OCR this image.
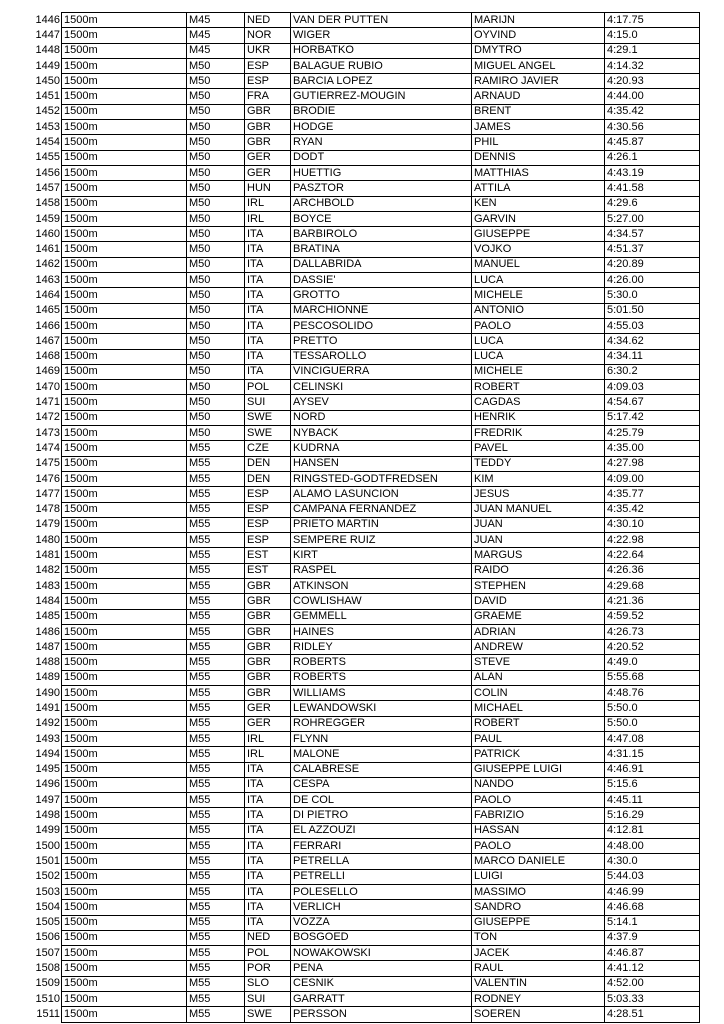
1446	1500m	M45	NED	VAN DER PUTTEN	MARIJN	4:17.75
1447	1500m	M45	NOR	WIGER	OYVIND	4:15.0
1448	1500m	M45	UKR	HORBATKO	DMYTRO	4:29.1
1449	1500m	M50	ESP	BALAGUE RUBIO	MIGUEL ANGEL	4:14.32
1450	1500m	M50	ESP	BARCIA LOPEZ	RAMIRO JAVIER	4:20.93
1451	1500m	M50	FRA	GUTIERREZ-MOUGIN	ARNAUD	4:44.00
1452	1500m	M50	GBR	BRODIE	BRENT	4:35.42
1453	1500m	M50	GBR	HODGE	JAMES	4:30.56
1454	1500m	M50	GBR	RYAN	PHIL	4:45.87
1455	1500m	M50	GER	DODT	DENNIS	4:26.1
1456	1500m	M50	GER	HUETTIG	MATTHIAS	4:43.19
1457	1500m	M50	HUN	PASZTOR	ATTILA	4:41.58
1458	1500m	M50	IRL	ARCHBOLD	KEN	4:29.6
1459	1500m	M50	IRL	BOYCE	GARVIN	5:27.00
1460	1500m	M50	ITA	BARBIROLO	GIUSEPPE	4:34.57
1461	1500m	M50	ITA	BRATINA	VOJKO	4:51.37
1462	1500m	M50	ITA	DALLABRIDA	MANUEL	4:20.89
1463	1500m	M50	ITA	DASSIE'	LUCA	4:26.00
1464	1500m	M50	ITA	GROTTO	MICHELE	5:30.0
1465	1500m	M50	ITA	MARCHIONNE	ANTONIO	5:01.50
1466	1500m	M50	ITA	PESCOSOLIDO	PAOLO	4:55.03
1467	1500m	M50	ITA	PRETTO	LUCA	4:34.62
1468	1500m	M50	ITA	TESSAROLLO	LUCA	4:34.11
1469	1500m	M50	ITA	VINCIGUERRA	MICHELE	6:30.2
1470	1500m	M50	POL	CELINSKI	ROBERT	4:09.03
1471	1500m	M50	SUI	AYSEV	CAGDAS	4:54.67
1472	1500m	M50	SWE	NORD	HENRIK	5:17.42
1473	1500m	M50	SWE	NYBACK	FREDRIK	4:25.79
1474	1500m	M55	CZE	KUDRNA	PAVEL	4:35.00
1475	1500m	M55	DEN	HANSEN	TEDDY	4:27.98
1476	1500m	M55	DEN	RINGSTED-GODTFREDSEN	KIM	4:09.00
1477	1500m	M55	ESP	ALAMO LASUNCION	JESUS	4:35.77
1478	1500m	M55	ESP	CAMPANA FERNANDEZ	JUAN MANUEL	4:35.42
1479	1500m	M55	ESP	PRIETO MARTIN	JUAN	4:30.10
1480	1500m	M55	ESP	SEMPERE RUIZ	JUAN	4:22.98
1481	1500m	M55	EST	KIRT	MARGUS	4:22.64
1482	1500m	M55	EST	RASPEL	RAIDO	4:26.36
1483	1500m	M55	GBR	ATKINSON	STEPHEN	4:29.68
1484	1500m	M55	GBR	COWLISHAW	DAVID	4:21.36
1485	1500m	M55	GBR	GEMMELL	GRAEME	4:59.52
1486	1500m	M55	GBR	HAINES	ADRIAN	4:26.73
1487	1500m	M55	GBR	RIDLEY	ANDREW	4:20.52
1488	1500m	M55	GBR	ROBERTS	STEVE	4:49.0
1489	1500m	M55	GBR	ROBERTS	ALAN	5:55.68
1490	1500m	M55	GBR	WILLIAMS	COLIN	4:48.76
1491	1500m	M55	GER	LEWANDOWSKI	MICHAEL	5:50.0
1492	1500m	M55	GER	ROHREGGER	ROBERT	5:50.0
1493	1500m	M55	IRL	FLYNN	PAUL	4:47.08
1494	1500m	M55	IRL	MALONE	PATRICK	4:31.15
1495	1500m	M55	ITA	CALABRESE	GIUSEPPE LUIGI	4:46.91
1496	1500m	M55	ITA	CESPA	NANDO	5:15.6
1497	1500m	M55	ITA	DE COL	PAOLO	4:45.11
1498	1500m	M55	ITA	DI PIETRO	FABRIZIO	5:16.29
1499	1500m	M55	ITA	EL AZZOUZI	HASSAN	4:12.81
1500	1500m	M55	ITA	FERRARI	PAOLO	4:48.00
1501	1500m	M55	ITA	PETRELLA	MARCO DANIELE	4:30.0
1502	1500m	M55	ITA	PETRELLI	LUIGI	5:44.03
1503	1500m	M55	ITA	POLESELLO	MASSIMO	4:46.99
1504	1500m	M55	ITA	VERLICH	SANDRO	4:46.68
1505	1500m	M55	ITA	VOZZA	GIUSEPPE	5:14.1
1506	1500m	M55	NED	BOSGOED	TON	4:37.9
1507	1500m	M55	POL	NOWAKOWSKI	JACEK	4:46.87
1508	1500m	M55	POR	PENA	RAUL	4:41.12
1509	1500m	M55	SLO	CESNIK	VALENTIN	4:52.00
1510	1500m	M55	SUI	GARRATT	RODNEY	5:03.33
1511	1500m	M55	SWE	PERSSON	SOEREN	4:28.51
